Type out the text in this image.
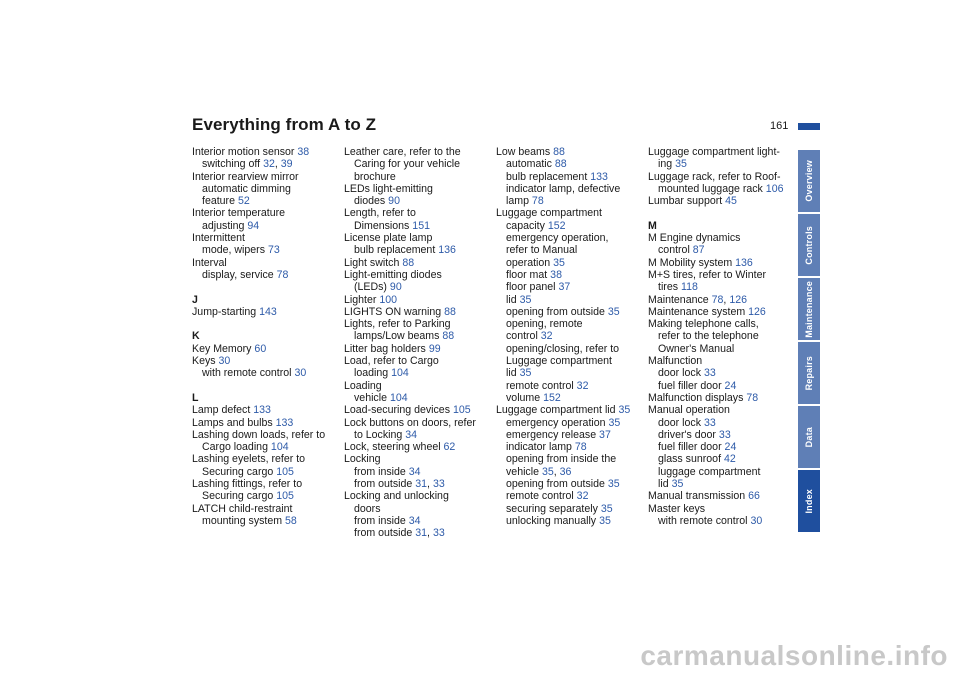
Everything from A to Z	161
Interior motion sensor 38
switching off 32, 39
Interior rearview mirror
automatic dimming
feature 52
Interior temperature
adjusting 94
Intermittent
mode, wipers 73
Interval
display, service 78
J
Jump-starting 143
K
Key Memory 60
Keys 30
with remote control 30
L
Lamp defect 133
Lamps and bulbs 133
Lashing down loads, refer to
Cargo loading 104
Lashing eyelets, refer to
Securing cargo 105
Lashing fittings, refer to
Securing cargo 105
LATCH child-restraint
mounting system 58
Leather care, refer to the
Caring for your vehicle
brochure
LEDs light-emitting
diodes 90
Length, refer to
Dimensions 151
License plate lamp
bulb replacement 136
Light switch 88
Light-emitting diodes
(LEDs) 90
Lighter 100
LIGHTS ON warning 88
Lights, refer to Parking
lamps/Low beams 88
Litter bag holders 99
Load, refer to Cargo
loading 104
Loading
vehicle 104
Load-securing devices 105
Lock buttons on doors, refer
to Locking 34
Lock, steering wheel 62
Locking
from inside 34
from outside 31, 33
Locking and unlocking
doors
from inside 34
from outside 31, 33
Low beams 88
automatic 88
bulb replacement 133
indicator lamp, defective
lamp 78
Luggage compartment
capacity 152
emergency operation,
refer to Manual
operation 35
floor mat 38
floor panel 37
lid 35
opening from outside 35
opening, remote
control 32
opening/closing, refer to
Luggage compartment
lid 35
remote control 32
volume 152
Luggage compartment lid 35
emergency operation 35
emergency release 37
indicator lamp 78
opening from inside the
vehicle 35, 36
opening from outside 35
remote control 32
securing separately 35
unlocking manually 35
Luggage compartment light-
ing 35
Luggage rack, refer to Roof-
mounted luggage rack 106
Lumbar support 45
M
M Engine dynamics
control 87
M Mobility system 136
M+S tires, refer to Winter
tires 118
Maintenance 78, 126
Maintenance system 126
Making telephone calls,
refer to the telephone
Owner's Manual
Malfunction
door lock 33
fuel filler door 24
Malfunction displays 78
Manual operation
door lock 33
driver's door 33
fuel filler door 24
glass sunroof 42
luggage compartment
lid 35
Manual transmission 66
Master keys
with remote control 30
Overview
Controls
Maintenance
Repairs
Data
Index
carmanualsonline.info
